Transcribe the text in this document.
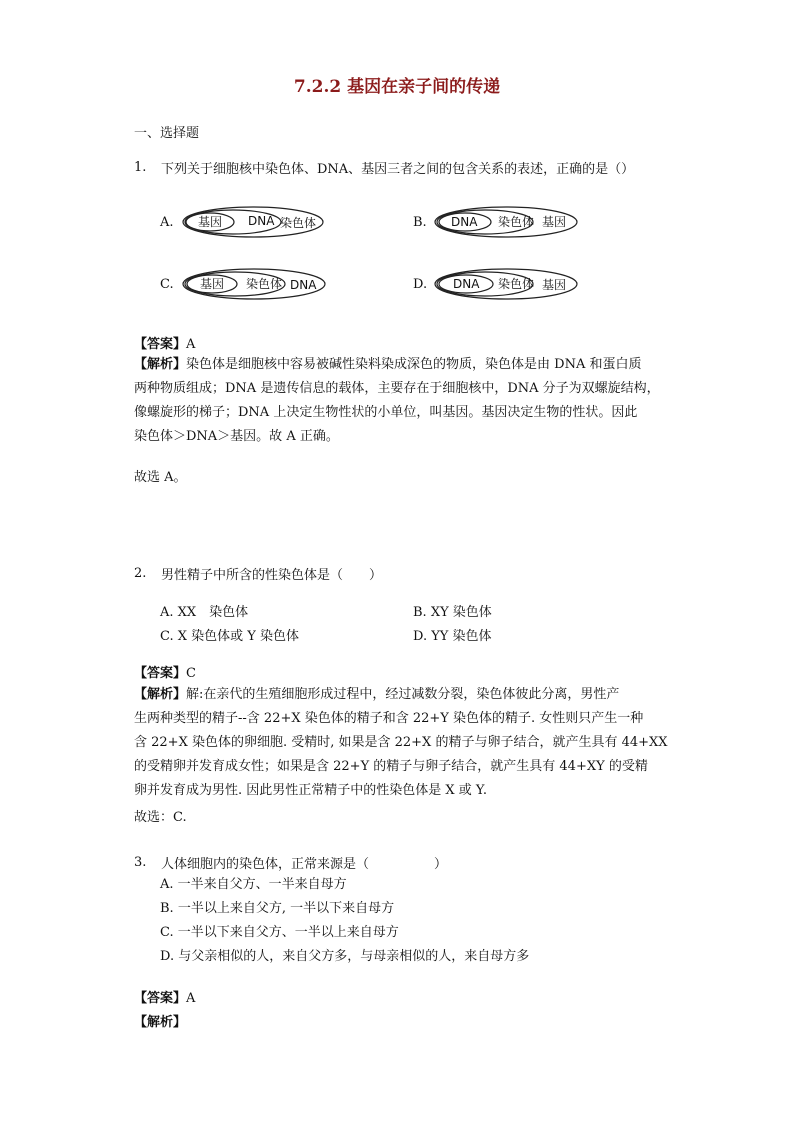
7.2.2 基因在亲子间的传递
一、选择题
1. 下列关于细胞核中染色体、DNA、基因三者之间的包含关系的表述，正确的是（）
A. 基因 DNA 染色体	B. DNA 染色体 基因
C. 基因 染色体 DNA	D. DNA 染色体 基因
【答案】A
【解析】染色体是细胞核中容易被碱性染料染成深色的物质，染色体是由 DNA 和蛋白质
两种物质组成；DNA 是遗传信息的载体，主要存在于细胞核中，DNA 分子为双螺旋结构，
像螺旋形的梯子；DNA 上决定生物性状的小单位，叫基因。基因决定生物的性状。因此
染色体＞DNA＞基因。故 A 正确。
故选 A。
2. 男性精子中所含的性染色体是（　　）
A. XX　染色体	B. XY 染色体
C. X 染色体或 Y 染色体	D. YY 染色体
【答案】C
【解析】解:在亲代的生殖细胞形成过程中，经过减数分裂，染色体彼此分离，男性产
生两种类型的精子--含 22+X 染色体的精子和含 22+Y 染色体的精子. 女性则只产生一种
含 22+X 染色体的卵细胞. 受精时, 如果是含 22+X 的精子与卵子结合，就产生具有 44+XX
的受精卵并发育成女性；如果是含 22+Y 的精子与卵子结合，就产生具有 44+XY 的受精
卵并发育成为男性. 因此男性正常精子中的性染色体是 X 或 Y.
故选：C.
3. 人体细胞内的染色体，正常来源是（　　　　　）
A. 一半来自父方、一半来自母方
B. 一半以上来自父方, 一半以下来自母方
C. 一半以下来自父方、一半以上来自母方
D. 与父亲相似的人，来自父方多，与母亲相似的人，来自母方多
【答案】A
【解析】
